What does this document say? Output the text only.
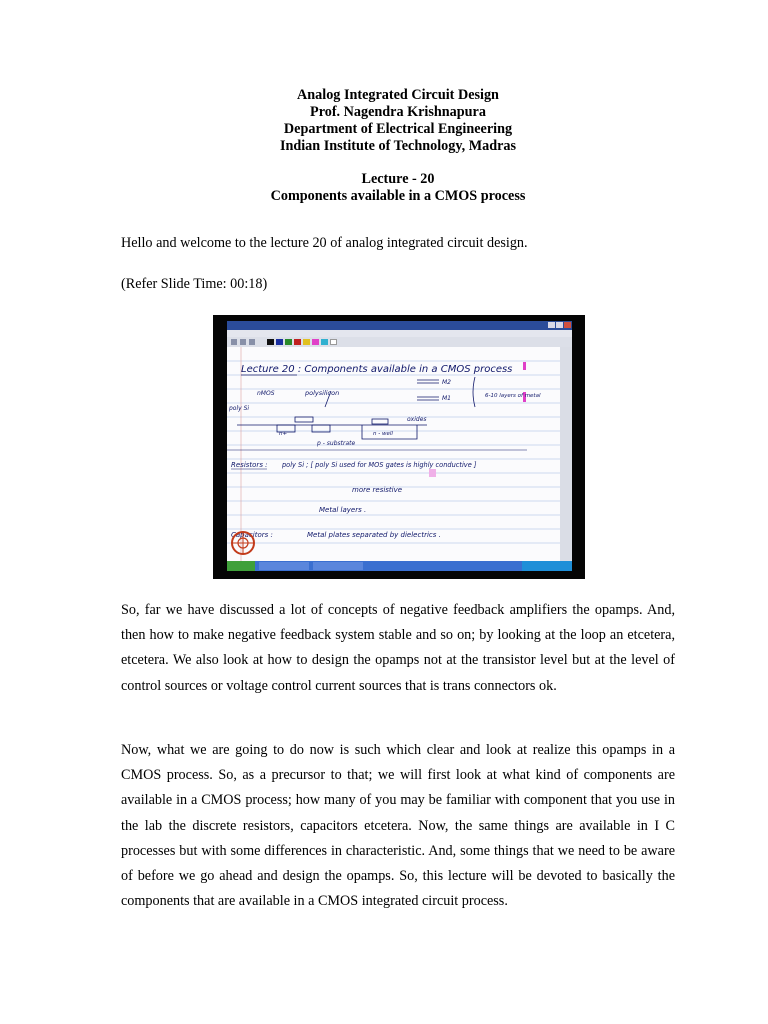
Analog Integrated Circuit Design
Prof. Nagendra Krishnapura
Department of Electrical Engineering
Indian Institute of Technology, Madras
Lecture - 20
Components available in a CMOS process
Hello and welcome to the lecture 20 of analog integrated circuit design.
(Refer Slide Time: 00:18)
Lecture 20 : Components available in a CMOS process
poly Si
nMOS	polysilicon
M2
M1	6-10 layers of metal
oxides
n+	n - well
p - substrate
Resistors : poly Si ; [ poly Si used for MOS gates is highly conductive ]
more resistive
Metal layers .
Capacitors :	Metal plates separated by dielectrics .
So, far we have discussed a lot of concepts of negative feedback amplifiers the opamps. And, then how to make negative feedback system stable and so on; by looking at the loop an etcetera, etcetera. We also look at how to design the opamps not at the transistor level but at the level of control sources or voltage control current sources that is trans connectors ok.
Now, what we are going to do now is such which clear and look at realize this opamps in a CMOS process. So, as a precursor to that; we will first look at what kind of components are available in a CMOS process; how many of you may be familiar with component that you use in the lab the discrete resistors, capacitors etcetera. Now, the same things are available in I C processes but with some differences in characteristic. And, some things that we need to be aware of before we go ahead and design the opamps. So, this lecture will be devoted to basically the components that are available in a CMOS integrated circuit process.
